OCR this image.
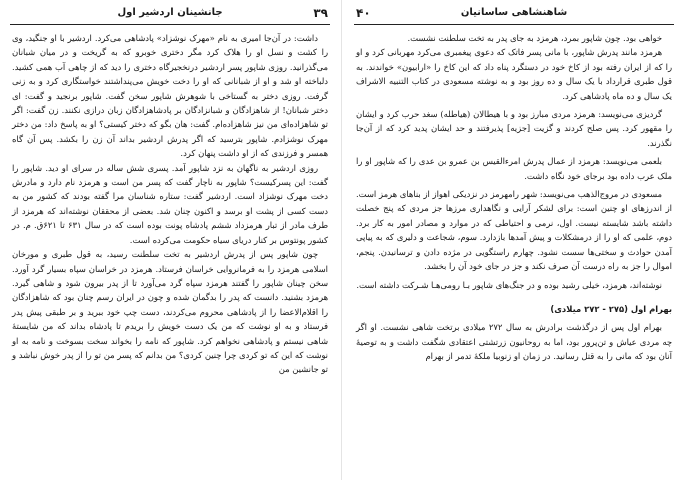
جانشینان اردشیر اول	۳۹

داشت: در آن‌جا امیری به نام «مهرک نوشزاد» پادشاهی می‌کرد. اردشیر با او جنگید، وی را کشت و نسل او را هلاک کرد مگر دختری خوبرو که به گریخت و در میان شبانان می‌گذرانید. روزی شاپور پسر اردشیر درنخجیرگاه دختری را دید که از چاهی آب همی کشید. دلباخته او شد و او از شبانانی که او را دخت خویش می‌پنداشتند خواستگاری کرد و به زنی گرفت. روزی دختر به گستاخی با شوهرش شاپور سخن گفت. شاپور برنجید و گفت: ای دختر شبانان! از شاهزادگان و شبانزادگان بر پادشاهزادگان زبان درازی نکنند. زن گفت: اگر تو شاهزاده‌ای من نیز شاهزاده‌ام. گفت: هان بگو که دختر کیستی؟ او به پاسخ داد: من دختر مهرک نوشزادم. شاپور بترسید که اگر پدرش اردشیر بداند آن زن را بکشد. پس آن گاه همسر و فرزندی که از او داشت پنهان کرد.

روزی اردشیر به ناگهان به نزد شاپور آمد. پسری شش ساله در سرای او دید. شاپور را گفت: این پسرکیست؟ شاپور به ناچار گفت که پسر من است و هرمزد نام دارد و مادرش دخت مهرک نوشزاد است. اردشیر گفت: ستاره شناسان مرا گفته بودند که کشور من به دست کسی از پشت او برسد و اکنون چنان شد. بعضی از محققان نوشته‌اند که هرمزد از طرف مادر از تبار هرمزداد ششم پادشاه پونت بوده است که در سال ۶۳۱ تا ۶۲۱ق. م. در کشور پونتوس بر کنار دریای سیاه حکومت می‌کرده است.

چون شاپور پس از پدرش اردشیر به تخت سلطنت رسید، به قول طبری و مورخان اسلامی هرمزد را به فرمانروایی خراسان فرستاد. هرمزد در خراسان سپاه بسیار گرد آورد. سخن چینان شاپور را گفتند هرمزد سپاه گرد می‌آورد تا از پدر بیرون شود و شاهی گیرد. هرمزد بشنید. دانست که پدر را بدگمان شده و چون در ایران رسم چنان بود که شاهزادگان را اقلام‌الاعضا را از پادشاهی محروم می‌کردند، دست چپ خود ببرید و بر طبقی پیش پدر فرستاد و به او نوشت که من یک دست خویش را بریدم تا پادشاه بداند که من شایستهٔ شاهی نیستم و پادشاهی نخواهم کرد. شاپور که نامه را بخواند سخت بسوخت و نامه به او نوشت که این که تو کردی چرا چنین کردی؟ من بدانم که پسر من تو را از پدر خوش نباشد و تو جانشین من

۴۰	شاهنشاهی ساسانیان

خواهی بود. چون شاپور بمرد، هرمزد به جای پدر به تخت سلطنت نشست.

هرمزد مانند پدرش شاپور، با مانی پسر فاتک که دعوی پیغمبری می‌کرد مهربانی کرد و او را که از ایران رفته بود از کاخ خود در دستگرد پناه داد که این کاخ را «ارابیون» خواندند. به قول طبری قرارداد با یک سال و ده روز بود و به نوشته مسعودی در کتاب التنبیه الاشراف یک سال و ده ماه پادشاهی کرد.

گردیزی می‌نویسد: هرمزد مردی مبارز بود و با هیطالان (هیاطله) سغد حرب کرد و ایشان را مقهور کرد. پس صلح کردند و گزیت [جزیه] پذیرفتند و حد ایشان پدید کرد که از آن‌جا نگذرند.

بلعمی می‌نویسد: هرمزد از عمال پدرش امرءالقیس بن عمرو بن عدی را که شاپور او را ملک عرب داده بود برجای خود نگاه داشت.

مسعودی در مروج‌الذهب می‌نویسد: شهر رامهرمز در نزدیکی اهواز از بناهای هرمز است. از اندرزهای او چنین است: برای لشکر آرایی و نگاهداری مرزها جز مردی که پنج خصلت داشته باشد شایسته نیست. اول، نرمی و احتیاطی که در موارد و مصادر امور به کار برد. دوم، علمی که او را از درمشکلات و پیش آمدها بازدارد. سوم، شجاعت و دلیری که به پیاپی آمدن حوادث و سختی‌ها سست نشود. چهارم راستگویی در مژده دادن و ترسانیدن. پنجم، اموال را جز به راه درست آن صرف نکند و جز در جای خود آن را بخشد.

نوشته‌اند، هرمزد، خیلی رشید بوده و در جنگ‌های شاپور بـا رومی‌هـا شـرکت داشته است.

بهرام اول (۲۷۵ - ۲۷۲ میلادی)

بهرام اول پس از درگذشت برادرش به سال ۲۷۲ میلادی برتخت شاهی نشست. او اگر چه مردی عیاش و تن‌پرور بود، اما به روحانیون زرتشتی اعتقادی شگفت داشت و به توصیهٔ آنان بود که مانی را به قتل رسانید. در زمان او زنوبیا ملکهٔ تدمر از بهرام
